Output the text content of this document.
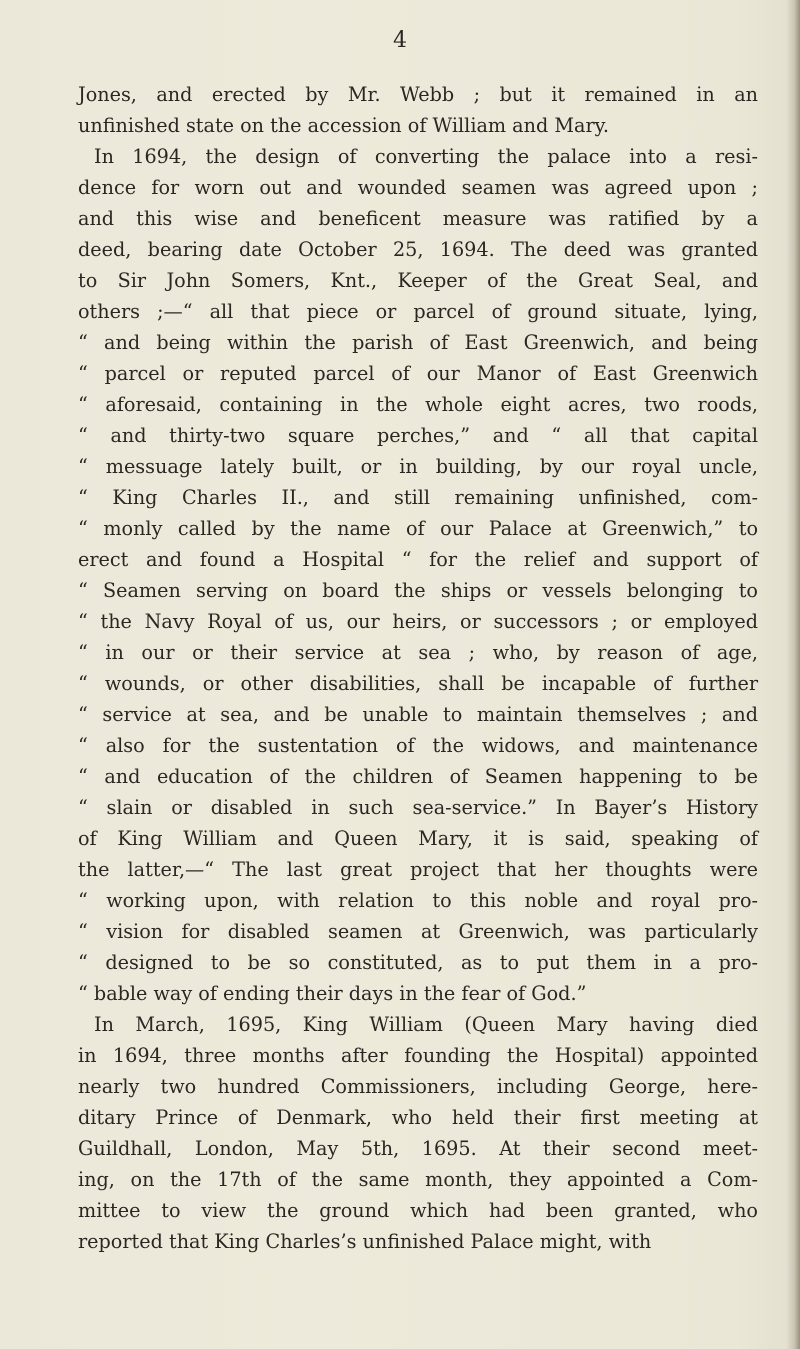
4
Jones, and erected by Mr. Webb ; but it remained in an
unfinished state on the accession of William and Mary.
In 1694, the design of converting the palace into a resi-
dence for worn out and wounded seamen was agreed upon ;
and this wise and beneficent measure was ratified by a
deed, bearing date October 25, 1694. The deed was granted
to Sir John Somers, Knt., Keeper of the Great Seal, and
others ;—“ all that piece or parcel of ground situate, lying,
“ and being within the parish of East Greenwich, and being
“ parcel or reputed parcel of our Manor of East Greenwich
“ aforesaid, containing in the whole eight acres, two roods,
“ and thirty-two square perches,” and “ all that capital
“ messuage lately built, or in building, by our royal uncle,
“ King Charles II., and still remaining unfinished, com-
“ monly called by the name of our Palace at Greenwich,” to
erect and found a Hospital “ for the relief and support of
“ Seamen serving on board the ships or vessels belonging to
“ the Navy Royal of us, our heirs, or successors ; or employed
“ in our or their service at sea ; who, by reason of age,
“ wounds, or other disabilities, shall be incapable of further
“ service at sea, and be unable to maintain themselves ; and
“ also for the sustentation of the widows, and maintenance
“ and education of the children of Seamen happening to be
“ slain or disabled in such sea-service.” In Bayer’s History
of King William and Queen Mary, it is said, speaking of
the latter,—“ The last great project that her thoughts were
“ working upon, with relation to this noble and royal pro-
“ vision for disabled seamen at Greenwich, was particularly
“ designed to be so constituted, as to put them in a pro-
“ bable way of ending their days in the fear of God.”
In March, 1695, King William (Queen Mary having died
in 1694, three months after founding the Hospital) appointed
nearly two hundred Commissioners, including George, here-
ditary Prince of Denmark, who held their first meeting at
Guildhall, London, May 5th, 1695. At their second meet-
ing, on the 17th of the same month, they appointed a Com-
mittee to view the ground which had been granted, who
reported that King Charles’s unfinished Palace might, with
